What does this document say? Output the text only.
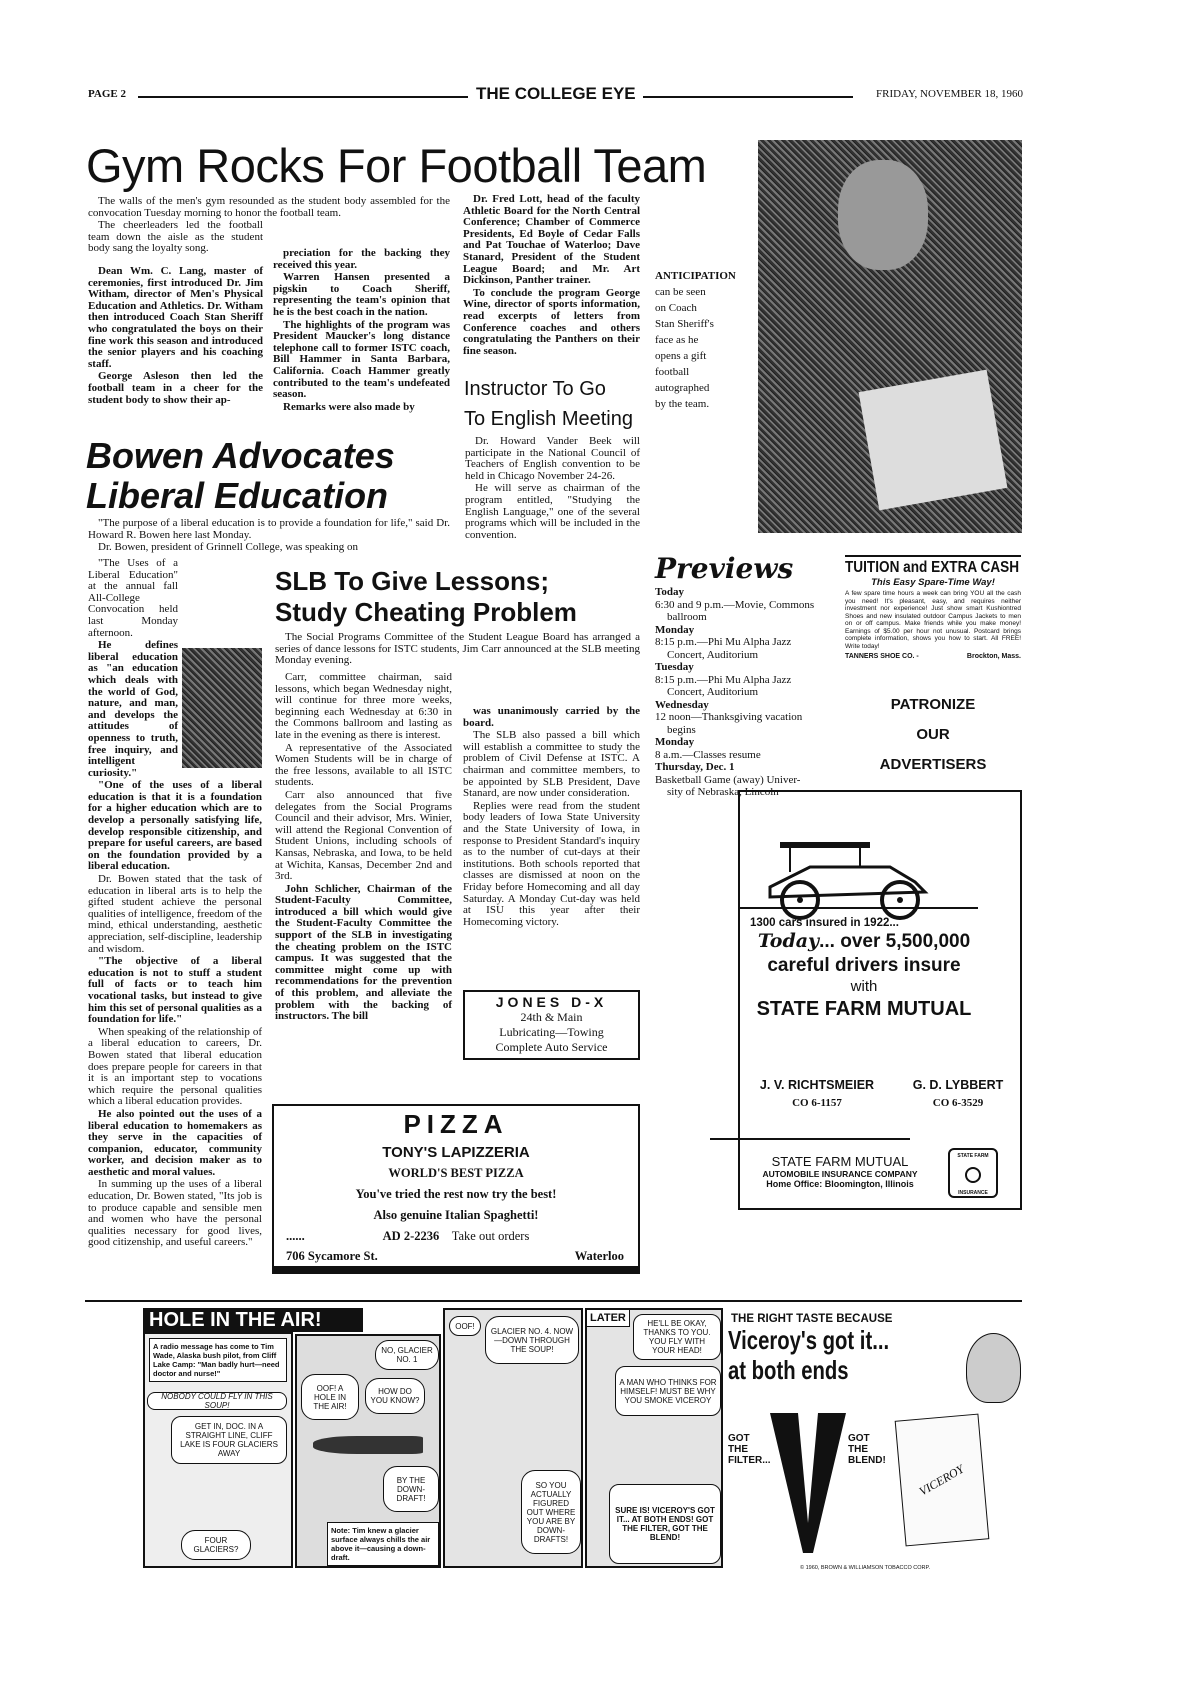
PAGE 2	THE COLLEGE EYE	FRIDAY, NOVEMBER 18, 1960
Gym Rocks For Football Team

The walls of the men's gym resounded as the student body assembled for the convocation Tuesday morning to honor the football team.

The cheerleaders led the football team down the aisle as the student body sang the loyalty song.

Dean Wm. C. Lang, master of ceremonies, first introduced Dr. Jim Witham, director of Men's Physical Education and Athletics. Dr. Witham then introduced Coach Stan Sheriff who congratulated the boys on their fine work this season and introduced the senior players and his coaching staff.

George Asleson then led the football team in a cheer for the student body to show their ap-

preciation for the backing they received this year.

Warren Hansen presented a pigskin to Coach Sheriff, representing the team's opinion that he is the best coach in the nation.

The highlights of the program was President Maucker's long distance telephone call to former ISTC coach, Bill Hammer in Santa Barbara, California. Coach Hammer greatly contributed to the team's undefeated season.

Remarks were also made by

Dr. Fred Lott, head of the faculty Athletic Board for the North Central Conference; Chamber of Commerce Presidents, Ed Boyle of Cedar Falls and Pat Touchae of Waterloo; Dave Stanard, President of the Student League Board; and Mr. Art Dickinson, Panther trainer.

To conclude the program George Wine, director of sports information, read excerpts of letters from Conference coaches and others congratulating the Panthers on their fine season.

ANTICIPATION
can be seen
on Coach
Stan Sheriff's
face as he
opens a gift
football
autographed
by the team.
Instructor To Go
To English Meeting

Dr. Howard Vander Beek will participate in the National Council of Teachers of English convention to be held in Chicago November 24-26.

He will serve as chairman of the program entitled, "Studying the English Language," one of the several programs which will be included in the convention.

Bowen Advocates
Liberal Education

"The purpose of a liberal education is to provide a foundation for life," said Dr. Howard R. Bowen here last Monday.

Dr. Bowen, president of Grinnell College, was speaking on

"The Uses of a Liberal Education" at the annual fall All-College Convocation held last Monday afternoon.

He defines liberal education as "an education which deals with the world of God, nature, and man, and develops the attitudes of openness to truth, free inquiry, and intelligent curiosity."

"One of the uses of a liberal education is that it is a foundation for a higher education which are to develop a personally satisfying life, develop responsible citizenship, and prepare for useful careers, are based on the foundation provided by a liberal education.

Dr. Bowen stated that the task of education in liberal arts is to help the gifted student achieve the personal qualities of intelligence, freedom of the mind, ethical understanding, aesthetic appreciation, self-discipline, leadership and wisdom.

"The objective of a liberal education is not to stuff a student full of facts or to teach him vocational tasks, but instead to give him this set of personal qualities as a foundation for life."

When speaking of the relationship of a liberal education to careers, Dr. Bowen stated that liberal education does prepare people for careers in that it is an important step to vocations which require the personal qualities which a liberal education provides.

He also pointed out the uses of a liberal education to homemakers as they serve in the capacities of companion, educator, community worker, and decision maker as to aesthetic and moral values.

In summing up the uses of a liberal education, Dr. Bowen stated, "Its job is to produce capable and sensible men and women who have the personal qualities necessary for good lives, good citizenship, and useful careers."

SLB To Give Lessons;
Study Cheating Problem

The Social Programs Committee of the Student League Board has arranged a series of dance lessons for ISTC students, Jim Carr announced at the SLB meeting Monday evening.

Carr, committee chairman, said lessons, which began Wednesday night, will continue for three more weeks, beginning each Wednesday at 6:30 in the Commons ballroom and lasting as late in the evening as there is interest.

A representative of the Associated Women Students will be in charge of the free lessons, available to all ISTC students.

Carr also announced that five delegates from the Social Programs Council and their advisor, Mrs. Winier, will attend the Regional Convention of Student Unions, including schools of Kansas, Nebraska, and Iowa, to be held at Wichita, Kansas, December 2nd and 3rd.

John Schlicher, Chairman of the Student-Faculty Committee, introduced a bill which would give the Student-Faculty Committee the support of the SLB in investigating the cheating problem on the ISTC campus. It was suggested that the committee might come up with recommendations for the prevention of this problem, and alleviate the problem with the backing of instructors. The bill

was unanimously carried by the board.

The SLB also passed a bill which will establish a committee to study the problem of Civil Defense at ISTC. A chairman and committee members, to be appointed by SLB President, Dave Stanard, are now under consideration.

Replies were read from the student body leaders of Iowa State University and the State University of Iowa, in response to President Standard's inquiry as to the number of cut-days at their institutions. Both schools reported that classes are dismissed at noon on the Friday before Homecoming and all day Saturday. A Monday Cut-day was held at ISU this year after their Homecoming victory.

JONES D-X
24th & Main
Lubricating—Towing
Complete Auto Service
PIZZA
TONY'S LAPIZZERIA
WORLD'S BEST PIZZA
You've tried the rest now try the best!
Also genuine Italian Spaghetti!
......	AD 2-2236 Take out orders
706 Sycamore St.	Waterloo
Previews
Today
6:30 and 9 p.m.—Movie, Commons
ballroom
Monday
8:15 p.m.—Phi Mu Alpha Jazz
Concert, Auditorium
Tuesday
8:15 p.m.—Phi Mu Alpha Jazz
Concert, Auditorium
Wednesday
12 noon—Thanksgiving vacation
begins
Monday
8 a.m.—Classes resume
Thursday, Dec. 1
Basketball Game (away) Univer-
sity of Nebraska, Lincoln
TUITION and EXTRA CASH
This Easy Spare-Time Way!
A few spare time hours a week can bring YOU all the cash you need! It's pleasant, easy, and requires neither investment nor experience! Just show smart Kushiontred Shoes and new insulated outdoor Campus Jackets to men on or off campus. Make friends while you make money! Earnings of $5.00 per hour not unusual. Postcard brings complete information, shows you how to start. All FREE! Write today!
TANNERS SHOE CO. -	Brockton, Mass.
PATRONIZE
OUR
ADVERTISERS
1300 cars insured in 1922...
Today... over 5,500,000
careful drivers insure
with
STATE FARM MUTUAL
J. V. RICHTSMEIER
CO 6-1157
G. D. LYBBERT
CO 6-3529
STATE FARM MUTUAL
AUTOMOBILE INSURANCE COMPANY
Home Office: Bloomington, Illinois
STATE FARM
INSURANCE
A radio message has come to Tim Wade, Alaska bush pilot, from Cliff Lake Camp: "Man badly hurt—need doctor and nurse!"
NOBODY COULD FLY IN THIS SOUP!
GET IN, DOC. IN A STRAIGHT LINE, CLIFF LAKE IS FOUR GLACIERS AWAY
FOUR GLACIERS?
NO, GLACIER NO. 1
OOF! A HOLE IN THE AIR!
HOW DO YOU KNOW?
BY THE DOWN-DRAFT!
Note: Tim knew a glacier surface always chills the air above it—causing a down-draft.
HOLE IN THE AIR!	OOF!
GLACIER NO. 4. NOW—DOWN THROUGH THE SOUP!
SO YOU ACTUALLY FIGURED OUT WHERE YOU ARE BY DOWN-DRAFTS!
LATER	HE'LL BE OKAY, THANKS TO YOU. YOU FLY WITH YOUR HEAD!
A MAN WHO THINKS FOR HIMSELF! MUST BE WHY YOU SMOKE VICEROY
SURE IS! VICEROY'S GOT IT... AT BOTH ENDS! GOT THE FILTER, GOT THE BLEND!
THE RIGHT TASTE BECAUSE
Viceroy's got it...
at both ends
GOT THE FILTER...
GOT THE BLEND!
VICEROY
© 1960, BROWN & WILLIAMSON TOBACCO CORP.
